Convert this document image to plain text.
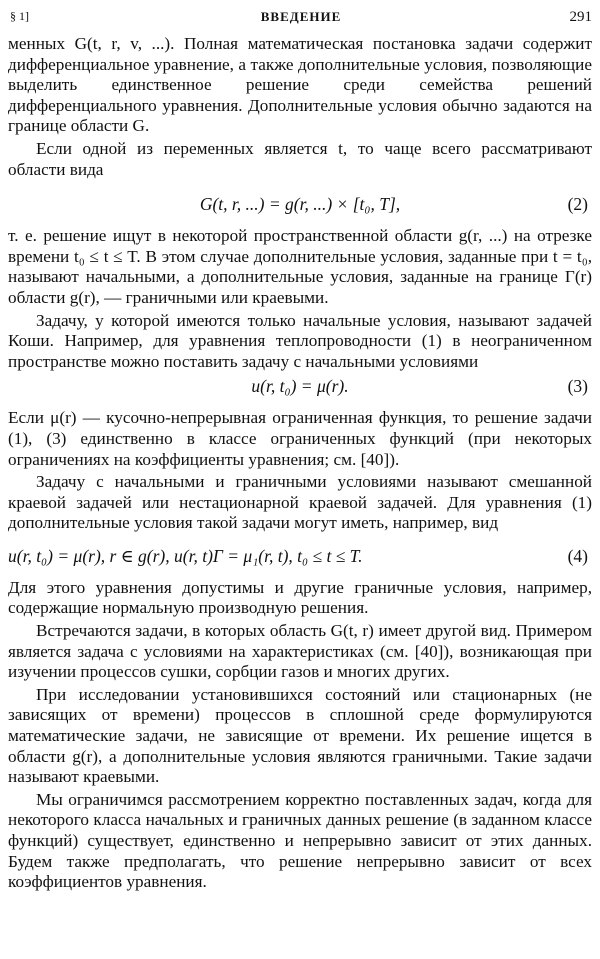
§ 1]	ВВЕДЕНИЕ	291

менных G(t, r, v, ...). Полная математическая постановка задачи содержит дифференциальное уравнение, а также дополнительные условия, позволяющие выделить единственное решение среди семейства решений дифференциального уравнения. Дополнительные условия обычно задаются на границе области G.

Если одной из переменных является t, то чаще всего рассматривают области вида

G(t, r, ...) = g(r, ...) × [t₀, T],	(2)

т. е. решение ищут в некоторой пространственной области g(r, ...) на отрезке времени t₀ ≤ t ≤ T. В этом случае дополнительные условия, заданные при t = t₀, называют начальными, а дополнительные условия, заданные на границе Γ(r) области g(r), — граничными или краевыми.

Задачу, у которой имеются только начальные условия, называют задачей Коши. Например, для уравнения теплопроводности (1) в неограниченном пространстве можно поставить задачу с начальными условиями

u(r, t₀) = μ(r).	(3)

Если μ(r) — кусочно-непрерывная ограниченная функция, то решение задачи (1), (3) единственно в классе ограниченных функций (при некоторых ограничениях на коэффициенты уравнения; см. [40]).

Задачу с начальными и граничными условиями называют смешанной краевой задачей или нестационарной краевой задачей. Для уравнения (1) дополнительные условия такой задачи могут иметь, например, вид

u(r, t₀) = μ(r), r ∈ g(r), u(r, t)Γ = μ₁(r, t), t₀ ≤ t ≤ T.	(4)

Для этого уравнения допустимы и другие граничные условия, например, содержащие нормальную производную решения.

Встречаются задачи, в которых область G(t, r) имеет другой вид. Примером является задача с условиями на характеристиках (см. [40]), возникающая при изучении процессов сушки, сорбции газов и многих других.

При исследовании установившихся состояний или стационарных (не зависящих от времени) процессов в сплошной среде формулируются математические задачи, не зависящие от времени. Их решение ищется в области g(r), а дополнительные условия являются граничными. Такие задачи называют краевыми.

Мы ограничимся рассмотрением корректно поставленных задач, когда для некоторого класса начальных и граничных данных решение (в заданном классе функций) существует, единственно и непрерывно зависит от этих данных. Будем также предполагать, что решение непрерывно зависит от всех коэффициентов уравнения.
